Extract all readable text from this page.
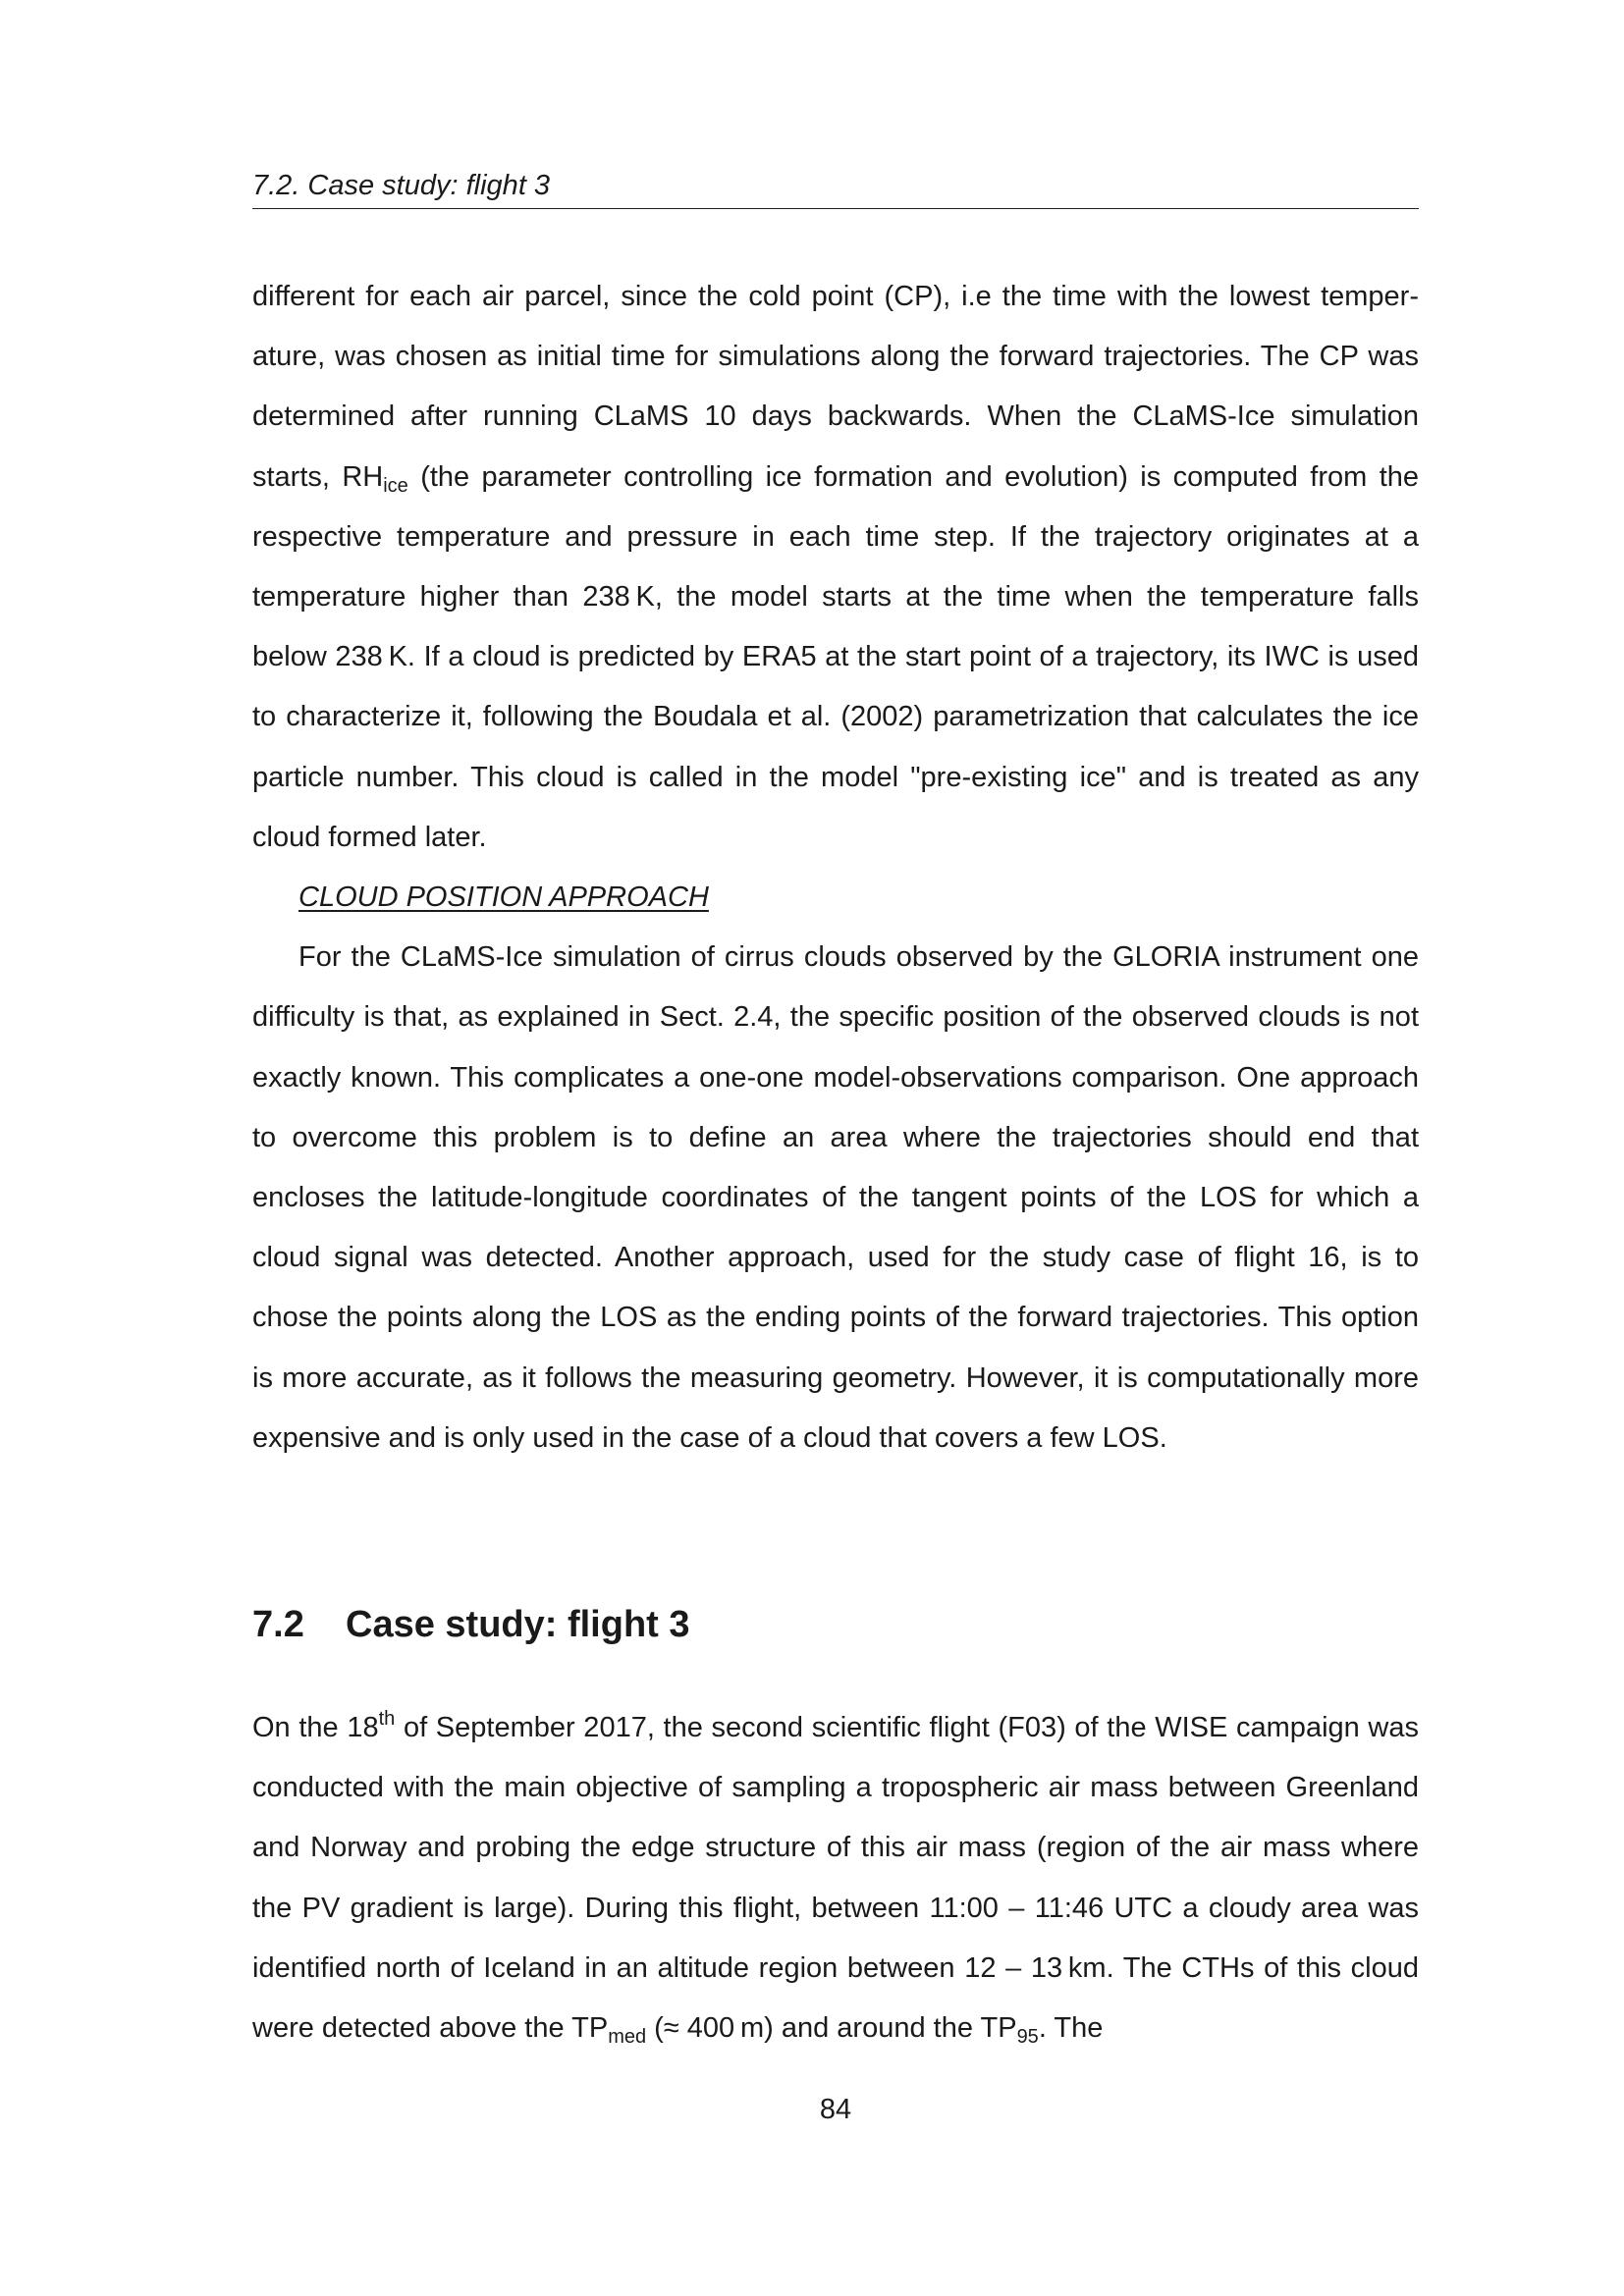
7.2. Case study: flight 3

different for each air parcel, since the cold point (CP), i.e the time with the lowest temperature, was chosen as initial time for simulations along the forward trajectories. The CP was determined after running CLaMS 10 days backwards. When the CLaMS-Ice simulation starts, $RH_{ice}$ (the parameter controlling ice formation and evolution) is computed from the respective temperature and pressure in each time step. If the trajectory originates at a temperature higher than 238 K, the model starts at the time when the temperature falls below 238 K. If a cloud is predicted by ERA5 at the start point of a trajectory, its IWC is used to characterize it, following the Boudala et al. (2002) parametrization that calculates the ice particle number. This cloud is called in the model "pre-existing ice" and is treated as any cloud formed later.

CLOUD POSITION APPROACH

For the CLaMS-Ice simulation of cirrus clouds observed by the GLORIA instrument one difficulty is that, as explained in Sect. 2.4, the specific position of the observed clouds is not exactly known. This complicates a one-one model-observations comparison. One approach to overcome this problem is to define an area where the trajectories should end that encloses the latitude-longitude coordinates of the tangent points of the LOS for which a cloud signal was detected. Another approach, used for the study case of flight 16, is to chose the points along the LOS as the ending points of the forward trajectories. This option is more accurate, as it follows the measuring geometry. However, it is computationally more expensive and is only used in the case of a cloud that covers a few LOS.

7.2 Case study: flight 3

On the 18th of September 2017, the second scientific flight (F03) of the WISE campaign was conducted with the main objective of sampling a tropospheric air mass between Greenland and Norway and probing the edge structure of this air mass (region of the air mass where the PV gradient is large). During this flight, between 11:00 – 11:46 UTC a cloudy area was identified north of Iceland in an altitude region between 12 – 13 km. The CTHs of this cloud were detected above the $TP_{med}$ (≈ 400 m) and around the $TP_{95}$. The

84
